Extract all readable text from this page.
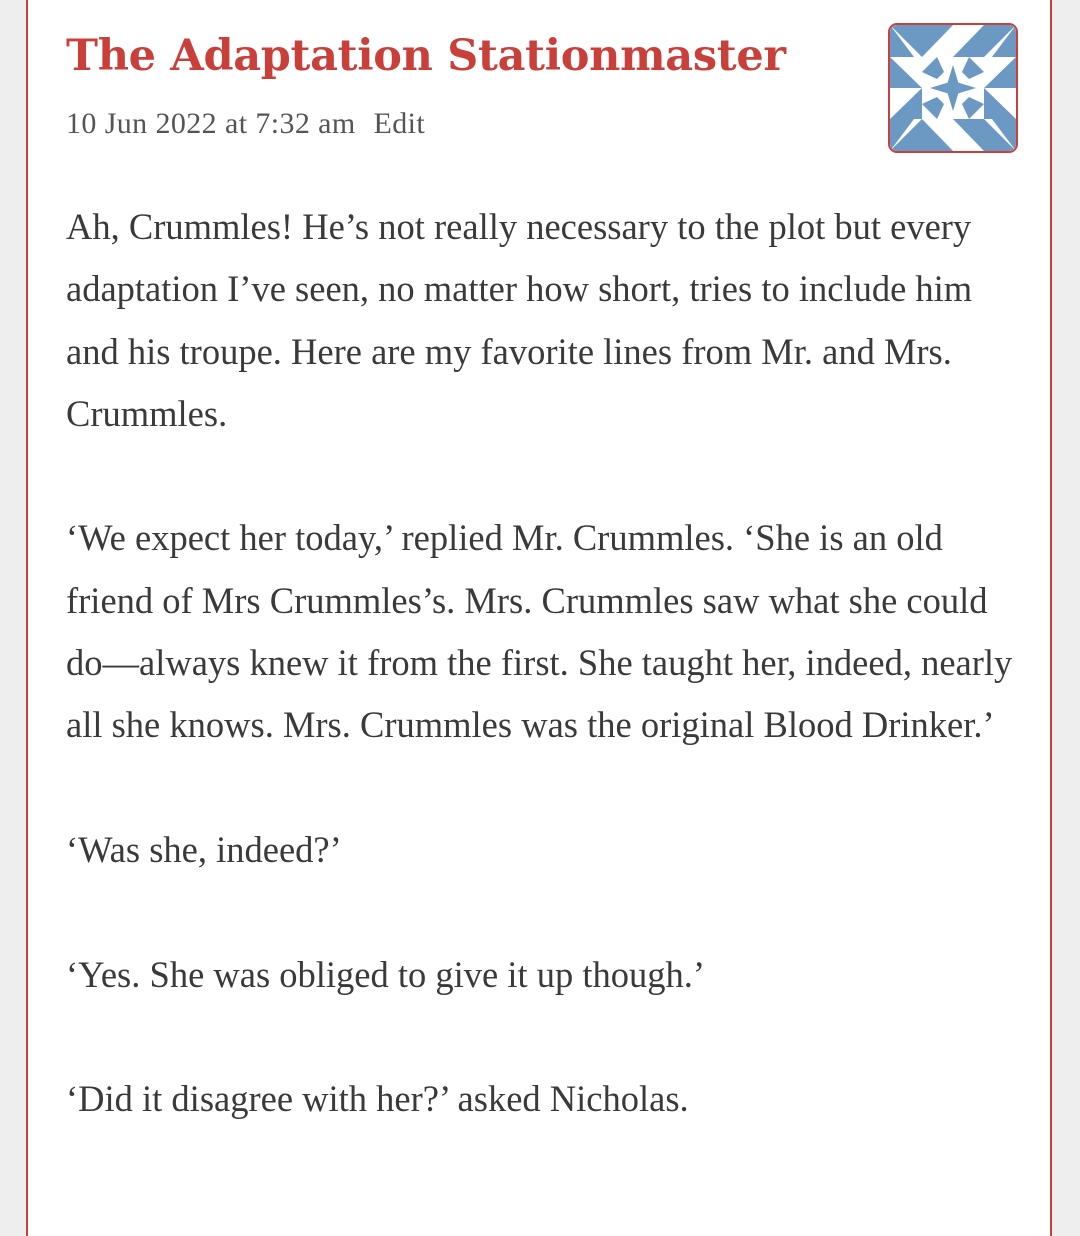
The Adaptation Stationmaster
10 Jun 2022 at 7:32 am Edit

Ah, Crummles! He’s not really necessary to the plot but every adaptation I’ve seen, no matter how short, tries to include him and his troupe. Here are my favorite lines from Mr. and Mrs. Crummles.

‘We expect her today,’ replied Mr. Crummles. ‘She is an old friend of Mrs Crummles’s. Mrs. Crummles saw what she could do—always knew it from the first. She taught her, indeed, nearly all she knows. Mrs. Crummles was the original Blood Drinker.’

‘Was she, indeed?’

‘Yes. She was obliged to give it up though.’

‘Did it disagree with her?’ asked Nicholas.
